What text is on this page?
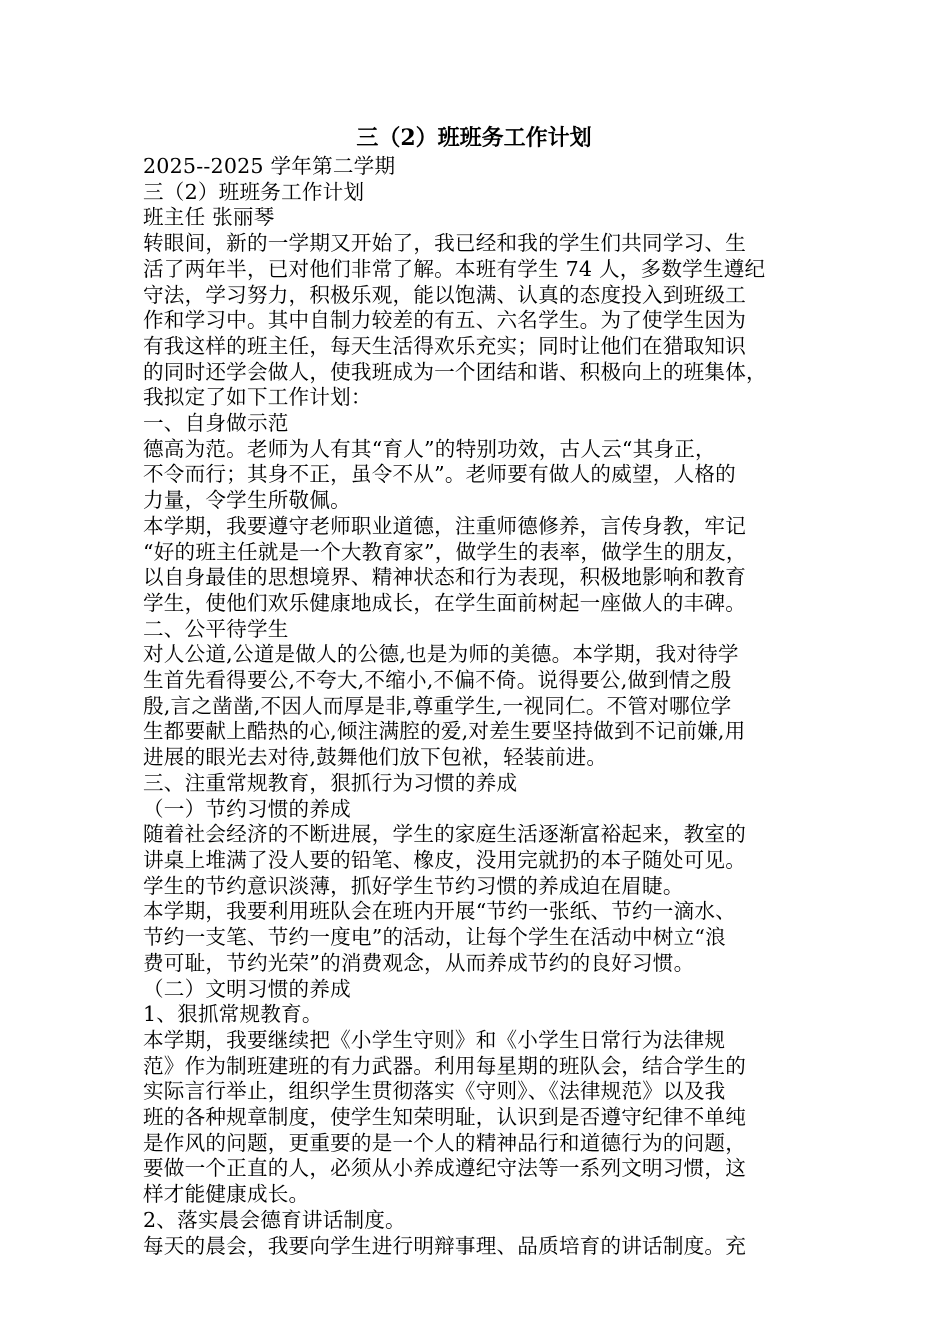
三（2）班班务工作计划

2025--2025 学年第二学期

三（2）班班务工作计划

班主任 张丽琴

转眼间，新的一学期又开始了，我已经和我的学生们共同学习、生

活了两年半，已对他们非常了解。本班有学生 74 人，多数学生遵纪

守法，学习努力，积极乐观，能以饱满、认真的态度投入到班级工

作和学习中。其中自制力较差的有五、六名学生。为了使学生因为

有我这样的班主任，每天生活得欢乐充实；同时让他们在猎取知识

的同时还学会做人，使我班成为一个团结和谐、积极向上的班集体，

我拟定了如下工作计划：

一、自身做示范

德高为范。老师为人有其“育人”的特别功效，古人云“其身正，

不令而行；其身不正，虽令不从”。老师要有做人的威望，人格的

力量，令学生所敬佩。

本学期，我要遵守老师职业道德，注重师德修养，言传身教，牢记

“好的班主任就是一个大教育家”，做学生的表率，做学生的朋友，

以自身最佳的思想境界、精神状态和行为表现，积极地影响和教育

学生，使他们欢乐健康地成长，在学生面前树起一座做人的丰碑。

二、公平待学生

对人公道,公道是做人的公德,也是为师的美德。本学期，我对待学

生首先看得要公,不夸大,不缩小,不偏不倚。说得要公,做到情之殷

殷,言之凿凿,不因人而厚是非,尊重学生,一视同仁。不管对哪位学

生都要献上酷热的心,倾注满腔的爱,对差生要坚持做到不记前嫌,用

进展的眼光去对待,鼓舞他们放下包袱，轻装前进。

三、注重常规教育，狠抓行为习惯的养成

（一）节约习惯的养成

随着社会经济的不断进展，学生的家庭生活逐渐富裕起来，教室的

讲桌上堆满了没人要的铅笔、橡皮，没用完就扔的本子随处可见。

学生的节约意识淡薄，抓好学生节约习惯的养成迫在眉睫。

本学期，我要利用班队会在班内开展“节约一张纸、节约一滴水、

节约一支笔、节约一度电”的活动，让每个学生在活动中树立“浪

费可耻，节约光荣”的消费观念，从而养成节约的良好习惯。

（二）文明习惯的养成

1、狠抓常规教育。

本学期，我要继续把《小学生守则》和《小学生日常行为法律规

范》作为制班建班的有力武器。利用每星期的班队会，结合学生的

实际言行举止，组织学生贯彻落实《守则》、《法律规范》以及我

班的各种规章制度，使学生知荣明耻，认识到是否遵守纪律不单纯

是作风的问题，更重要的是一个人的精神品行和道德行为的问题，

要做一个正直的人，必须从小养成遵纪守法等一系列文明习惯，这

样才能健康成长。

2、落实晨会德育讲话制度。

每天的晨会，我要向学生进行明辩事理、品质培育的讲话制度。充
